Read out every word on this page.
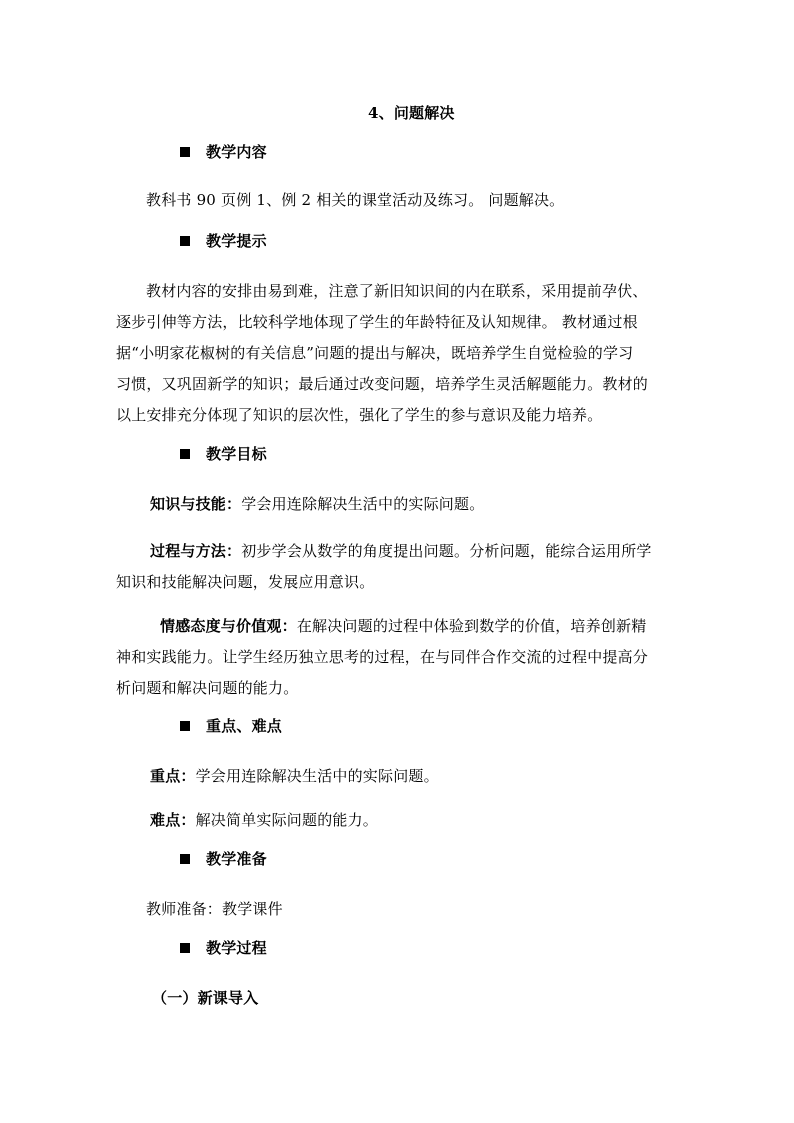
4、问题解决
教学内容
教科书 90 页例 1、例 2 相关的课堂活动及练习。 问题解决。
教学提示
教材内容的安排由易到难，注意了新旧知识间的内在联系，采用提前孕伏、
逐步引伸等方法，比较科学地体现了学生的年龄特征及认知规律。 教材通过根
据“小明家花椒树的有关信息”问题的提出与解决，既培养学生自觉检验的学习
习惯，又巩固新学的知识；最后通过改变问题，培养学生灵活解题能力。教材的
以上安排充分体现了知识的层次性，强化了学生的参与意识及能力培养。
教学目标
知识与技能：学会用连除解决生活中的实际问题。
过程与方法：初步学会从数学的角度提出问题。分析问题，能综合运用所学
知识和技能解决问题，发展应用意识。
情感态度与价值观：在解决问题的过程中体验到数学的价值，培养创新精
神和实践能力。让学生经历独立思考的过程，在与同伴合作交流的过程中提高分
析问题和解决问题的能力。
重点、难点
重点：学会用连除解决生活中的实际问题。
难点：解决简单实际问题的能力。
教学准备
教师准备：教学课件
教学过程
（一）新课导入
